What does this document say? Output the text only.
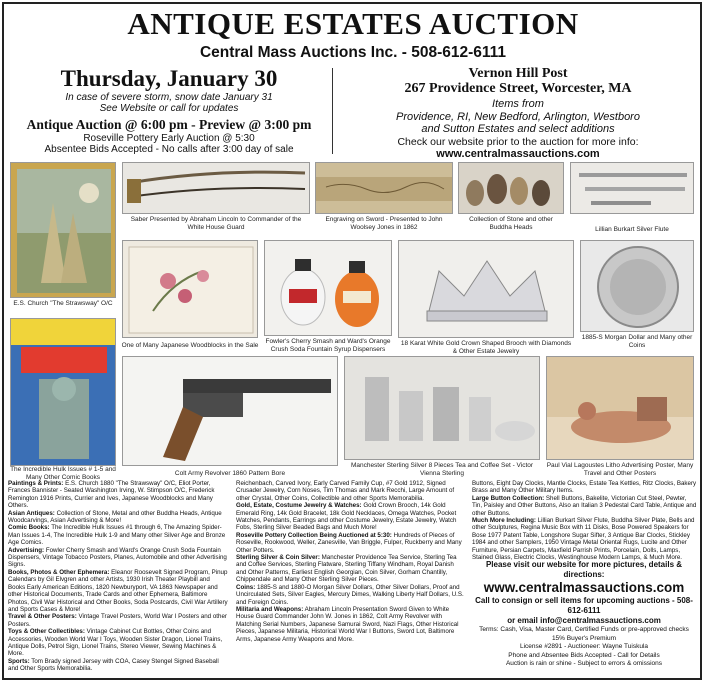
ANTIQUE ESTATES AUCTION
Central Mass Auctions Inc. - 508-612-6111
Thursday, January 30
In case of severe storm, snow date January 31
See Website or call for updates
Antique Auction @ 6:00 pm - Preview @ 3:00 pm
Roseville Pottery Early Auction @ 5:30
Absentee Bids Accepted - No calls after 3:00 day of sale
Vernon Hill Post
267 Providence Street, Worcester, MA
Items from
Providence, RI, New Bedford, Arlington, Westboro
and Sutton Estates and select additions
Check our website prior to the auction for more info:
www.centralmassauctions.com
E.S. Church "The Strawsway" O/C
Saber Presented by Abraham Lincoln to Commander of the White House Guard
Engraving on Sword - Presented to John Woolsey Jones in 1862
Collection of Stone and other Buddha Heads	Lillian Burkart Silver Flute
One of Many Japanese Woodblocks in the Sale
Fowler's Cherry Smash and Ward's Orange Crush Soda Fountain Syrup Dispensers
18 Karat White Gold Crown Shaped Brooch with Diamonds & Other Estate Jewelry
1885-S Morgan Dollar and Many other Coins
The Incredible Hulk Issues # 1-5 and Many Other Comic Books	Colt Army Revolver 1860 Pattern Bore
Manchester Sterling Silver 8 Pieces Tea and Coffee Set - Victor Vienna Sterling
Paul Vial Lagoustes Litho Advertising Poster, Many Travel and Other Posters
Paintings & Prints: E.S. Church 1880 "The Strawsway" O/C, Eliot Porter, Frances Bannister - Seated Washington Irving, W. Stimpson O/C, Frederick Remington 1916 Prints, Currier and Ives, Japanese Woodblocks and Many Others.
Asian Antiques: Collection of Stone, Metal and other Buddha Heads, Antique Woodcarvings, Asian Advertising & More!
Comic Books: The Incredible Hulk Issues #1 through 6, The Amazing Spider-Man Issues 1-4, The Incredible Hulk 1-9 and Many other Silver Age and Bronze Age Comics.
Advertising: Fowler Cherry Smash and Ward's Orange Crush Soda Fountain Dispensers, Vintage Tobacco Posters, Planes, Automobile and other Advertising Signs.
Books, Photos & Other Ephemera: Eleanor Roosevelt Signed Program, Pinup Calendars by Gil Elvgren and other Artists, 1930 Irish Theater Playbill and Books Early American Editions, 1820 Newburyport, VA 1863 Newspaper and other Historical Documents, Trade Cards and other Ephemera, Baltimore Photos, Civil War Historical and Other Books, Soda Postcards, Civil War Artillery and Sports Cases & More!
Travel & Other Posters: Vintage Travel Posters, World War I Posters and other Posters.
Toys & Other Collectibles: Vintage Cabinet Cut Bottles, Other Coins and Accessories, Wooden World War I Toys, Wooden Sister Dragon, Lionel Trains, Antique Dolls, Petrol Sign, Lionel Trains, Stereo Viewer, Sewing Machines & More.
Sports: Tom Brady signed Jersey with COA, Casey Stengel Signed Baseball and Other Sports Memorabilia.
Reichenbach, Carved Ivory, Early Carved Family Cup, #7 Gold 1912, Signed Crusader Jewelry, Corn Noses, Tim Thomas and Mark Recchi, Large Amount of other Crystal, Other Coins, Collectible and other Sports Memorabilia.
Gold, Estate, Costume Jewelry & Watches: Gold Crown Brooch, 14k Gold Emerald Ring, 14k Gold Bracelet, 18k Gold Necklaces, Omega Watches, Pocket Watches, Pendants, Earrings and other Costume Jewelry, Estate Jewelry, Watch Fobs, Sterling Silver Beaded Bags and Much More!
Roseville Pottery Collection Being Auctioned at 5:30: Hundreds of Pieces of Roseville, Rookwood, Weller, Zanesville, Van Briggle, Fulper, Ruckberry and Many Other Potters.
Sterling Silver & Coin Silver: Manchester Providence Tea Service, Sterling Tea and Coffee Services, Sterling Flatware, Sterling Tiffany Windham, Royal Danish and Other Patterns, Earliest English Georgian, Coin Silver, Gorham Chantilly, Chippendale and Many Other Sterling Silver Pieces.
Coins: 1885-S and 1880-O Morgan Silver Dollars, Other Silver Dollars, Proof and Uncirculated Sets, Silver Eagles, Mercury Dimes, Walking Liberty Half Dollars, U.S. and Foreign Coins.
Militaria and Weapons: Abraham Lincoln Presentation Sword Given to White House Guard Commander John W. Jones in 1862, Colt Army Revolver with Matching Serial Numbers, Japanese Samurai Sword, Nazi Flags, Other Historical Pieces, Japanese Militaria, Historical World War I Buttons, Sword Lot, Baltimore Arms, Japanese Army Weapons and More.
Buttons, Eight Day Clocks, Mantle Clocks, Estate Tea Kettles, Ritz Clocks, Bakery Brass and Many Other Military Items.
Large Button Collection: Shell Buttons, Bakelite, Victorian Cut Steel, Pewter, Tin, Paisley and Other Buttons, Also an Italian 3 Pedestal Card Table, Antique and other Buttons.
Much More Including: Lillian Burkart Silver Flute, Buddha Silver Plate, Bells and other Sculptures, Regina Music Box with 11 Disks, Bose Powered Speakers for Bose 1977 Patent Table, Longshore Sugar Sifter, 3 Antique Bar Clocks, Stickley 1984 and other Samplers, 1950 Vintage Metal Oriental Rugs, Lucite and Other Furniture, Persian Carpets, Maxfield Parrish Prints, Porcelain, Dolls, Lamps, Stained Glass, Electric Clocks, Westinghouse Modern Lamps, & Much More.
Please visit our website for more pictures, details & directions:
www.centralmassauctions.com
Call to consign or sell items for upcoming auctions - 508-612-6111
or email info@centralmassauctions.com
Terms: Cash, Visa, Master Card, Certified Funds or pre-approved checks
15% Buyer's Premium
License #2891 - Auctioneer: Wayne Tuiskula
Phone and Absentee Bids Accepted - Call for Details
Auction is rain or shine - Subject to errors & omissions
